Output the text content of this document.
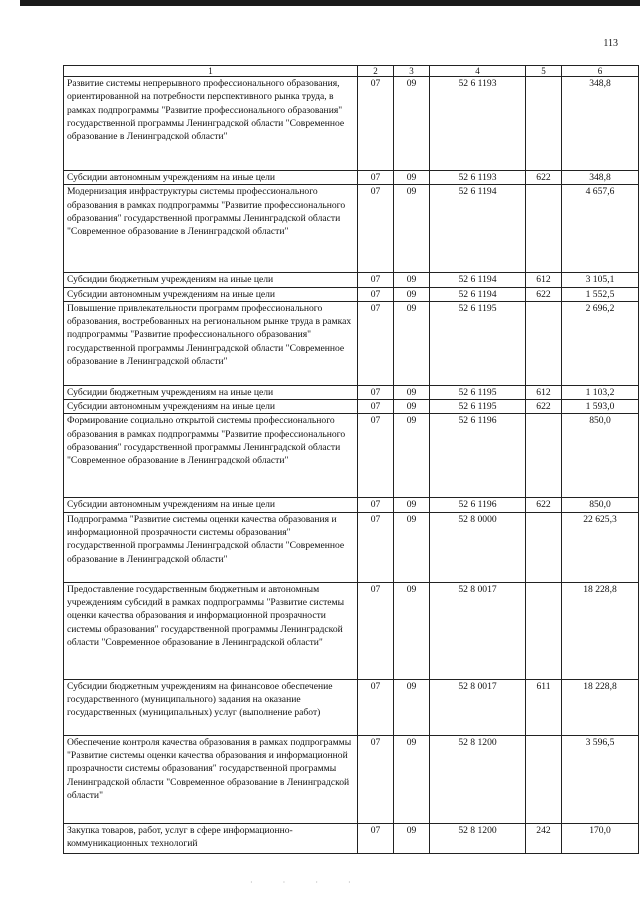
113
1	2	3	4	5	6
Развитие системы непрерывного профессионального образования, ориентированной на потребности перспективного рынка труда, в рамках подпрограммы "Развитие профессионального образования" государственной программы Ленинградской области "Современное образование в Ленинградской области"	07	09	52 6 1193		348,8
Субсидии автономным учреждениям на иные цели	07	09	52 6 1193	622	348,8
Модернизация инфраструктуры системы профессионального образования в рамках подпрограммы "Развитие профессионального образования" государственной программы Ленинградской области "Современное образование в Ленинградской области"	07	09	52 6 1194		4 657,6
Субсидии бюджетным учреждениям на иные цели	07	09	52 6 1194	612	3 105,1
Субсидии автономным учреждениям на иные цели	07	09	52 6 1194	622	1 552,5
Повышение привлекательности программ профессионального образования, востребованных на региональном рынке труда в рамках подпрограммы "Развитие профессионального образования" государственной программы Ленинградской области "Современное образование в Ленинградской области"	07	09	52 6 1195		2 696,2
Субсидии бюджетным учреждениям на иные цели	07	09	52 6 1195	612	1 103,2
Субсидии автономным учреждениям на иные цели	07	09	52 6 1195	622	1 593,0
Формирование социально открытой системы профессионального образования в рамках подпрограммы "Развитие профессионального образования" государственной программы Ленинградской области "Современное образование в Ленинградской области"	07	09	52 6 1196		850,0
Субсидии автономным учреждениям на иные цели	07	09	52 6 1196	622	850,0
Подпрограмма "Развитие системы оценки качества образования и информационной прозрачности системы образования" государственной программы Ленинградской области "Современное образование в Ленинградской области"	07	09	52 8 0000		22 625,3
Предоставление государственным бюджетным и автономным учреждениям субсидий в рамках подпрограммы "Развитие системы оценки качества образования и информационной прозрачности системы образования" государственной программы Ленинградской области "Современное образование в Ленинградской области"	07	09	52 8 0017		18 228,8
Субсидии бюджетным учреждениям на финансовое обеспечение государственного (муниципального) задания на оказание государственных (муниципальных) услуг (выполнение работ)	07	09	52 8 0017	611	18 228,8
Обеспечение контроля качества образования в рамках подпрограммы "Развитие системы оценки качества образования и информационной прозрачности системы образования" государственной программы Ленинградской области "Современное образование в Ленинградской области"	07	09	52 8 1200		3 596,5
Закупка товаров, работ, услуг в сфере информационно-коммуникационных технологий	07	09	52 8 1200	242	170,0
· · · ·
